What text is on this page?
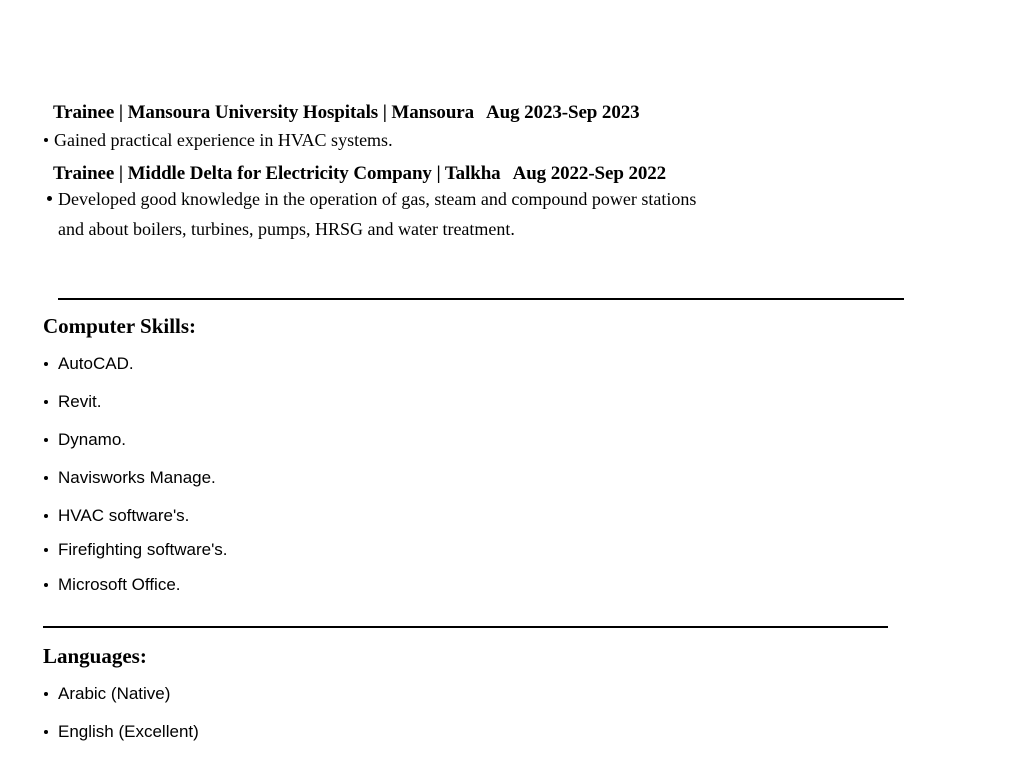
Trainee | Mansoura University Hospitals | Mansoura Aug 2023-Sep 2023
Gained practical experience in HVAC systems.
Trainee | Middle Delta for Electricity Company | Talkha Aug 2022-Sep 2022
Developed good knowledge in the operation of gas, steam and compound power stations
and about boilers, turbines, pumps, HRSG and water treatment.
Computer Skills:
AutoCAD.
Revit.
Dynamo.
Navisworks Manage.
HVAC software's.
Firefighting software's.
Microsoft Office.
Languages:
Arabic (Native)
English (Excellent)
